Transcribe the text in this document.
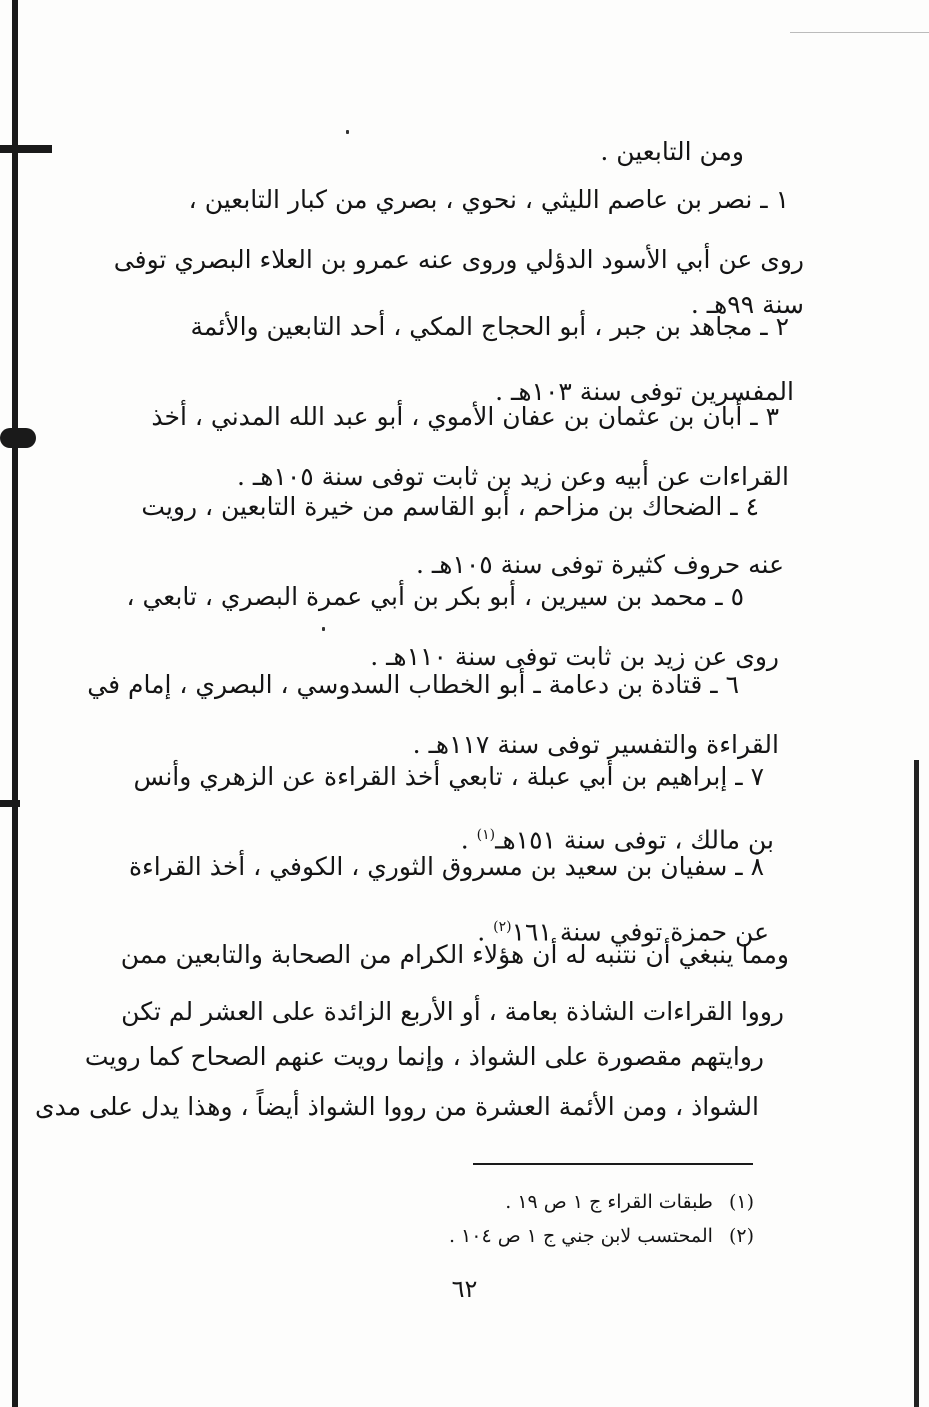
ومن التابعين .
١ ـ نصر بن عاصم الليثي ، نحوي ، بصري من كبار التابعين ،
روى عن أبي الأسود الدؤلي وروى عنه عمرو بن العلاء البصري توفى
سنة ٩٩هـ .
٢ ـ مجاهد بن جبر ، أبو الحجاج المكي ، أحد التابعين والأئمة
المفسرين توفى سنة ١٠٣هـ .
٣ ـ أبان بن عثمان بن عفان الأموي ، أبو عبد الله المدني ، أخذ
القراءات عن أبيه وعن زيد بن ثابت توفى سنة ١٠٥هـ .
٤ ـ الضحاك بن مزاحم ، أبو القاسم من خيرة التابعين ، رويت
عنه حروف كثيرة توفى سنة ١٠٥هـ .
٥ ـ محمد بن سيرين ، أبو بكر بن أبي عمرة البصري ، تابعي ،
روى عن زيد بن ثابت توفى سنة ١١٠هـ .
٦ ـ قتادة بن دعامة ـ أبو الخطاب السدوسي ، البصري ، إمام في
القراءة والتفسير توفى سنة ١١٧هـ .
٧ ـ إبراهيم بن أبي عبلة ، تابعي أخذ القراءة عن الزهري وأنس
بن مالك ، توفى سنة ١٥١هـ$^{(١)}$ .
٨ ـ سفيان بن سعيد بن مسروق الثوري ، الكوفي ، أخذ القراءة
عن حمزة توفي سنة ١٦١$^{(٢)}$ .
ومما ينبغي أن نتنبه له أن هؤلاء الكرام من الصحابة والتابعين ممن
رووا القراءات الشاذة بعامة ، أو الأربع الزائدة على العشر لم تكن
روايتهم مقصورة على الشواذ ، وإنما رويت عنهم الصحاح كما رويت
الشواذ ، ومن الأئمة العشرة من رووا الشواذ أيضاً ، وهذا يدل على مدى
(١)طبقات القراء ج ١ ص ١٩ .
(٢)المحتسب لابن جني ج ١ ص ١٠٤ .
٦٢
